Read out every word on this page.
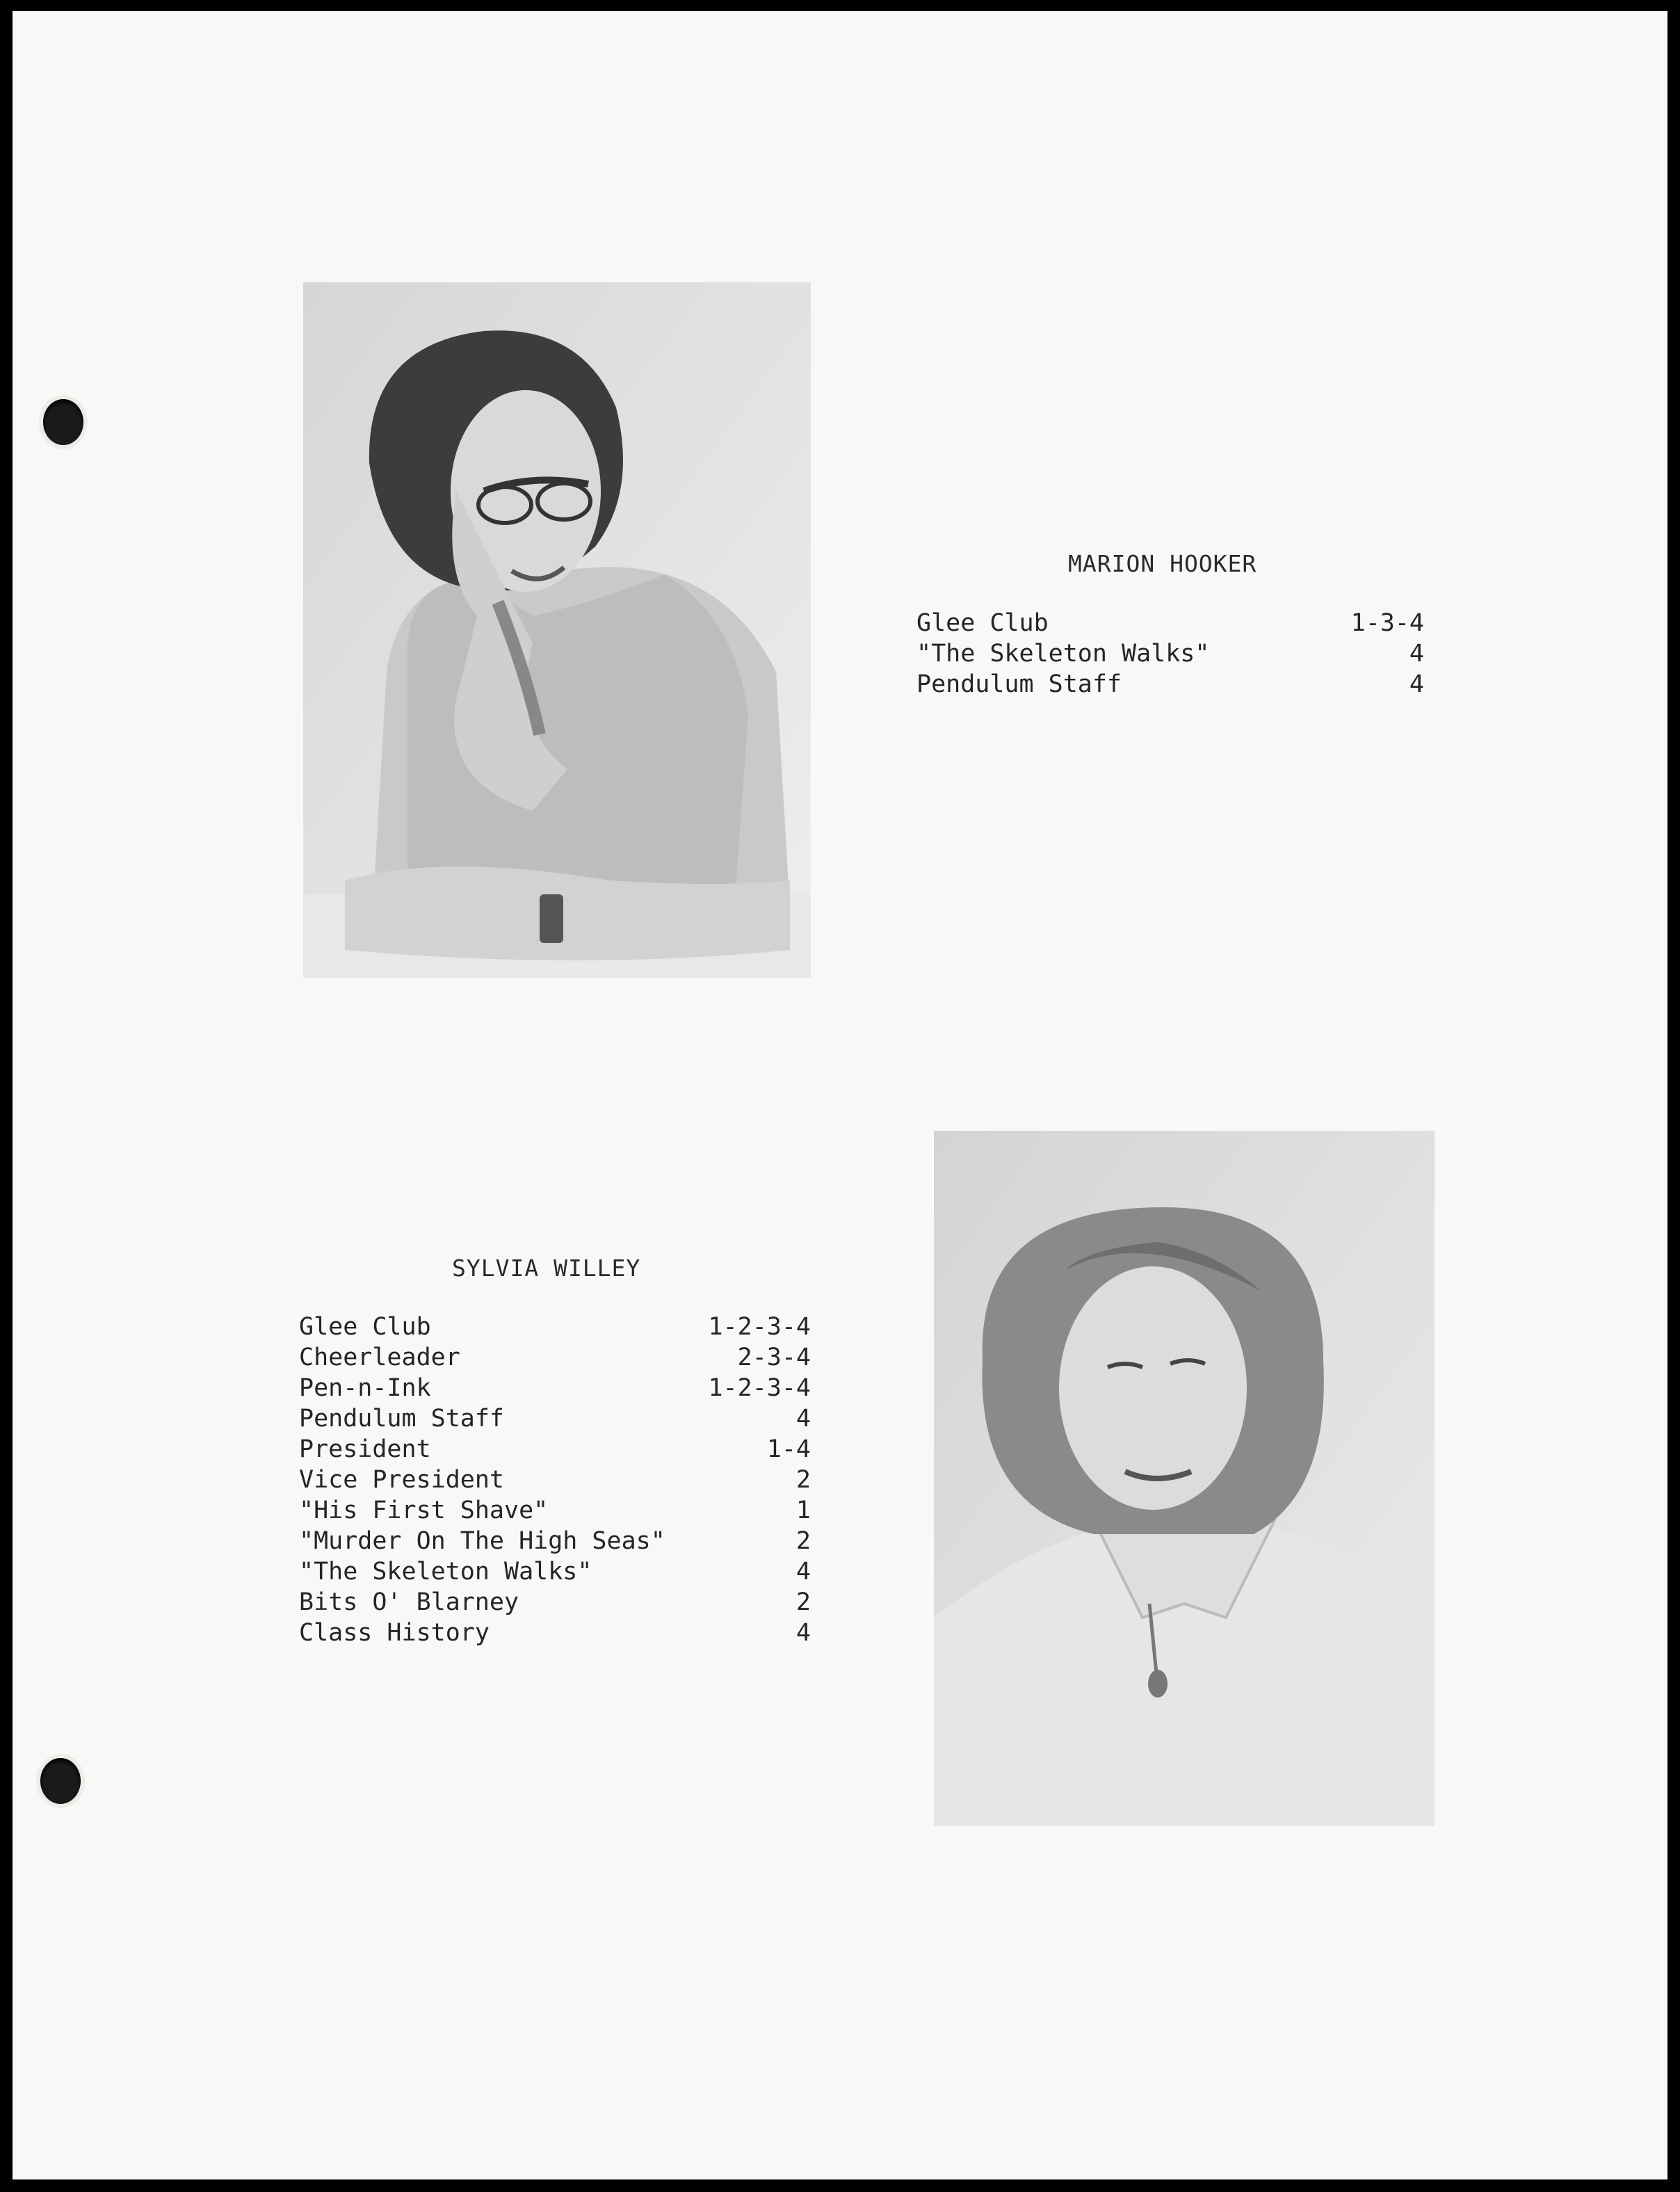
MARION HOOKER
Glee Club	1-3-4
"The Skeleton Walks"	4
Pendulum Staff	4
SYLVIA WILLEY
Glee Club	1-2-3-4
Cheerleader	2-3-4
Pen-n-Ink	1-2-3-4
Pendulum Staff	4
President	1-4
Vice President	2
"His First Shave"	1
"Murder On The High Seas"	2
"The Skeleton Walks"	4
Bits O' Blarney	2
Class History	4
